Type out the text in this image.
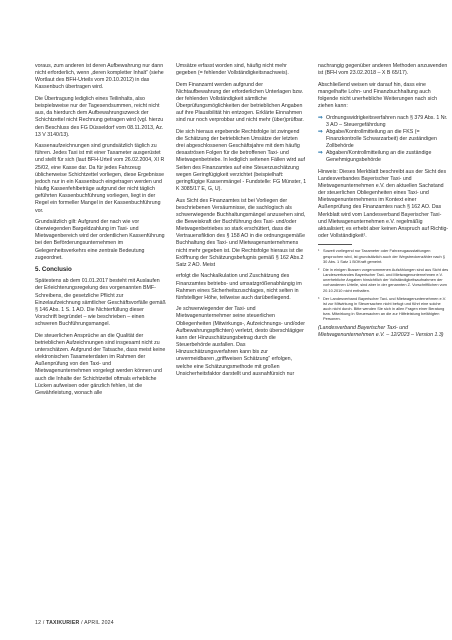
voraus, zum anderen ist deren Aufbewahrung nur dann nicht erforderlich, wenn „deren kompletter Inhalt“ (siehe Wortlaut des BFH-Urteils vom 20.10.2012) in das Kassenbuch übertragen wird.

Die Übertragung lediglich eines Teilinhalts, also beispielsweise nur der Tagesendsummen, reicht nicht aus, da hierdurch dem Aufbewahrungszweck der Schichtzettel nicht Rechnung getragen wird (vgl. hierzu den Beschluss des FG Düsseldorf vom 08.11.2013, Az. 13 V 3140/13).

Kassenaufzeichnungen sind grundsätzlich täglich zu führen. Jedes Taxi ist mit einer Taxameter ausgerüstet und stellt für sich (laut BFH-Urteil vom 26.02.2004, XI R 25/02, eine Kasse dar. Da für jedes Fahrzeug üblicherweise Schichtzettel vorliegen, diese Ergebnisse jedoch nur in ein Kassenbuch eingetragen werden und häufig Kassenfehlbeträge aufgrund der nicht täglich geführten Kassenbuchführung vorliegen, liegt in der Regel ein formeller Mangel in der Kassenbuchführung vor.

Grundsätzlich gilt: Aufgrund der nach wie vor überwiegenden Bargeldzahlung im Taxi- und Mietwagenbereich wird der ordentlichen Kassenführung bei den Beförderungsunternehmen im Gelegenheitsverkehrs eine zentrale Bedeutung zugeordnet.

5. Conclusio

Spätestens ab dem 01.01.2017 besteht mit Auslaufen der Erleichterungsregelung des vorgenannten BMF-Schreibens, die gesetzliche Pflicht zur Einzelaufzeichnung sämtlicher Geschäftsvorfälle gemäß § 146 Abs. 1 S. 1 AO. Die Nichterfüllung dieser Vorschrift begründet – wie beschrieben – einen schweren Buchführungsmangel.

Die steuerlichen Ansprüche an die Qualität der betrieblichen Aufzeichnungen sind insgesamt nicht zu unterschätzen. Aufgrund der Tatsache, dass meist keine elektronischen Taxameterdaten im Rahmen der Außenprüfung von den Taxi- und Mietwagenunternehmen vorgelegt werden können und auch die Inhalte der Schichtzettel oftmals erhebliche Lücken aufweisen oder gänzlich fehlen, ist die Gewährleistung, wonach alle

Umsätze erfasst worden sind, häufig nicht mehr gegeben (= fehlender Vollständigkeitsnachweis).

Dem Finanzamt werden aufgrund der Nichtaufbewahrung der erforderlichen Unterlagen bzw. der fehlenden Vollständigkeit sämtliche Überprüfungsmöglichkeiten der betrieblichen Angaben auf ihre Plausibilität hin entzogen. Erklärte Einnahmen sind nur noch verprobbar und nicht mehr (über)prüfbar.

Die sich hieraus ergebende Rechtsfolge ist zwingend die Schätzung der betrieblichen Umsätze der letzten drei abgeschlossenen Geschäftsjahre mit dem häufig desaströsen Folgen für die betroffenen Taxi- und Mietwagenbetriebe. In lediglich seltenen Fällen wird auf Seiten des Finanzamtes auf eine Steuerzuschätzung wegen Geringfügigkeit verzichtet (beispielhaft: geringfügige Kassenmängel - Fundstelle: FG Münster, 1 K 3085/17 E, G, U).

Aus Sicht des Finanzamtes ist bei Vorliegen der beschriebenen Versäumnisse, die sachlogisch als schwerwiegende Buchhaltungsmängel anzusehen sind, die Beweiskraft der Buchführung des Taxi- und/oder Mietwagenbetriebes so stark erschüttert, dass die Vertrauensfiktion des § 158 AO in die ordnungsgemäße Buchhaltung des Taxi- und Mietwagenunternehmens nicht mehr gegeben ist. Die Rechtsfolge hieraus ist die Eröffnung der Schätzungsbefugnis gemäß § 162 Abs.2 Satz 2 AO. Meist

erfolgt die Nachkalkulation und Zuschätzung des Finanzamtes betriebs- und umsatzgrößenabhängig im Rahmen eines Sicherheitszuschlages, nicht selten in fünfstelliger Höhe, teilweise auch darüberliegend.

Je schwerwiegender der Taxi- und Mietwagenunternehmer seine steuerlichen Obliegenheiten (Mitwirkungs-, Aufzeichnungs- und/oder Aufbewahrungspflichten) verletzt, desto überschlägiger kann der Hinzuschätzungsbetrag durch die Steuerbehörde ausfallen. Das Hinzuschätzungsverfahren kann bis zur unvermeidbaren „griffweisen Schätzung“ erfolgen, welche eine Schätzungsmethode mit großen Unsicherheitsfaktor darstellt und ausnahfürsich nur

nachrangig gegenüber anderen Methoden anzuwenden ist (BFH vom 23.02.2018 – X B 65/17).

Abschließend weisen wir darauf hin, dass eine mangelhafte Lohn- und Finanzbuchhaltung auch folgende nicht unerhebliche Weiterungen nach sich ziehen kann:

⇒ Ordnungswidrigkeitsverfahren nach § 379 Abs. 1 Nr. 3 AO – Steuergefährdung
⇒ Abgabe/Kontrollmitteilung an die FKS (= Finanzkontrolle Schwarzarbeit) der zuständigen Zollbehörde
⇒ Abgaben/Kontrollmitteilung an die zuständige Genehmigungsbehörde

Hinweis: Dieses Merkblatt beschreibt aus der Sicht des Landesverbandes Bayerischer Taxi- und Mietwagenunternehmen e.V. den aktuellen Sachstand der steuerlichen Obliegenheiten eines Taxi- und Mietwagenunternehmens im Kontext einer Außenprüfung des Finanzamtes nach § 162 AO. Das Merkblatt wird vom Landesverband Bayerischer Taxi- und Mietwagenunternehmen e.V. regelmäßig aktualisiert; es erhebt aber keinen Anspruch auf Richtig- oder Vollständigkeit¹.

¹ Soweit vorliegend nur Taxameter oder Fahrzeugausstattungen gesprochen wird, ist grundsätzlich auch der Wegstreckenzähler nach § 30 Abs. 1 Satz 1 BOKraft gemeint.
² Die in einigen Bussen vorgenommenen Aufzählungen sind aus Sicht des Landesverbandes Bayerischer Taxi- und Mietwagenunternehmen e.V. unerhebliche Angaben hinsichtlich der Vollständigkeitsaufnahmen der vorhandenen Urteile, sind aber in der genannten Z. Vorschriftlichen vom 20.10.2010 nicht enthalten.
³ Der Landesverband Bayerischer Taxi- und Mietwagenunternehmen e.V. ist zur Mitwirkung in Steuersachen nicht befugt und führt eine solche auch nicht durch. Bitte wenden Sie sich in allen Fragen einer Beratung bzw. Mitwirkung in Steuersachen an die zur Hilfeleistung befähigten Personen.

(Landesverband Bayerischer Taxi- und Mietwagenunternehmen e.V. – 12/2023 – Version 1.3)

12 / TAXIKURIER / APRIL 2024
